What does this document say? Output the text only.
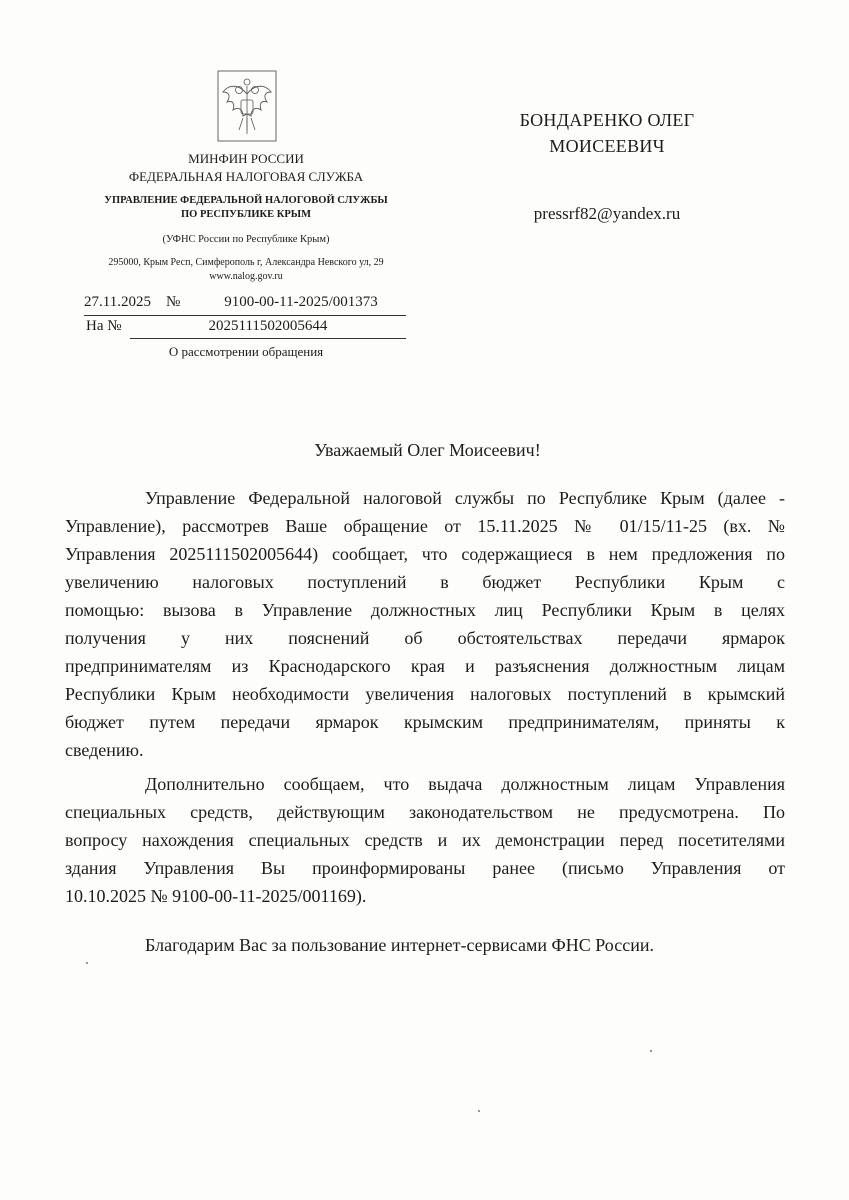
МИНФИН РОССИИ
ФЕДЕРАЛЬНАЯ НАЛОГОВАЯ СЛУЖБА
УПРАВЛЕНИЕ ФЕДЕРАЛЬНОЙ НАЛОГОВОЙ СЛУЖБЫ
ПО РЕСПУБЛИКЕ КРЫМ
(УФНС России по Республике Крым)
295000, Крым Респ, Симферополь г, Александра Невского ул, 29
www.nalog.gov.ru
27.11.2025 №	9100-00-11-2025/001373
На №	2025111502005644
О рассмотрении обращения
БОНДАРЕНКО ОЛЕГ
МОИСЕЕВИЧ
pressrf82@yandex.ru
Уважаемый Олег Моисеевич!
Управление Федеральной налоговой службы по Республике Крым (далее -
Управление), рассмотрев Ваше обращение от 15.11.2025 № 01/15/11-25 (вх. №
Управления 2025111502005644) сообщает, что содержащиеся в нем предложения по
увеличению налоговых поступлений в бюджет Республики Крым с
помощью: вызова в Управление должностных лиц Республики Крым в целях
получения у них пояснений об обстоятельствах передачи ярмарок
предпринимателям из Краснодарского края и разъяснения должностным лицам
Республики Крым необходимости увеличения налоговых поступлений в крымский
бюджет путем передачи ярмарок крымским предпринимателям, приняты к
сведению.
Дополнительно сообщаем, что выдача должностным лицам Управления
специальных средств, действующим законодательством не предусмотрена. По
вопросу нахождения специальных средств и их демонстрации перед посетителями
здания Управления Вы проинформированы ранее (письмо Управления от
10.10.2025 № 9100-00-11-2025/001169).
Благодарим Вас за пользование интернет-сервисами ФНС России.
